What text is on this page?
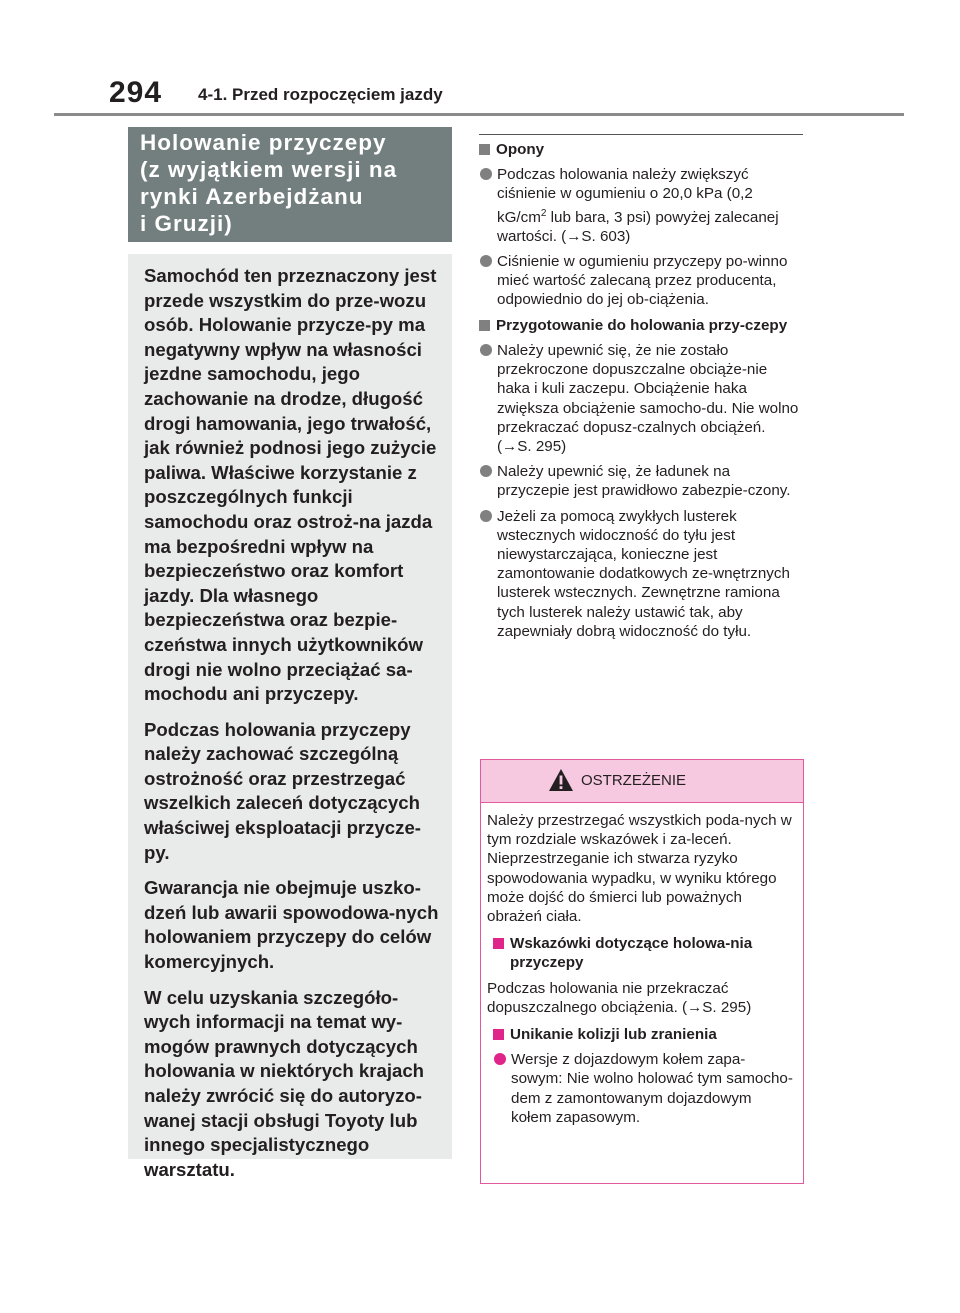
294 4-1. Przed rozpoczęciem jazdy
Holowanie przyczepy
(z wyjątkiem wersji na
rynki Azerbejdżanu
i Gruzji)

Samochód ten przeznaczony jest przede wszystkim do prze-wozu osób. Holowanie przycze-py ma negatywny wpływ na własności jezdne samochodu, jego zachowanie na drodze, długość drogi hamowania, jego trwałość, jak również podnosi jego zużycie paliwa. Właściwe korzystanie z poszczególnych funkcji samochodu oraz ostroż-na jazda ma bezpośredni wpływ na bezpieczeństwo oraz komfort jazdy. Dla własnego bezpieczeństwa oraz bezpie-czeństwa innych użytkowników drogi nie wolno przeciążać sa-mochodu ani przyczepy.

Podczas holowania przyczepy należy zachować szczególną ostrożność oraz przestrzegać wszelkich zaleceń dotyczących właściwej eksploatacji przycze-py.

Gwarancja nie obejmuje uszko-dzeń lub awarii spowodowa-nych holowaniem przyczepy do celów komercyjnych.

W celu uzyskania szczegóło-wych informacji na temat wy-mogów prawnych dotyczących holowania w niektórych krajach należy zwrócić się do autoryzo-wanej stacji obsługi Toyoty lub innego specjalistycznego warsztatu.

Opony
Podczas holowania należy zwiększyć ciśnienie w ogumieniu o 20,0 kPa (0,2 $kG/cm^2$ lub bara, 3 psi) powyżej zalecanej wartości. (→S. 603)
Ciśnienie w ogumieniu przyczepy po-winno mieć wartość zalecaną przez producenta, odpowiednio do jej ob-ciążenia.
Przygotowanie do holowania przy-czepy
Należy upewnić się, że nie zostało przekroczone dopuszczalne obciąże-nie haka i kuli zaczepu. Obciążenie haka zwiększa obciążenie samocho-du. Nie wolno przekraczać dopusz-czalnych obciążeń. (→S. 295)
Należy upewnić się, że ładunek na przyczepie jest prawidłowo zabezpie-czony.
Jeżeli za pomocą zwykłych lusterek wstecznych widoczność do tyłu jest niewystarczająca, konieczne jest zamontowanie dodatkowych ze-wnętrznych lusterek wstecznych. Zewnętrzne ramiona tych lusterek należy ustawić tak, aby zapewniały dobrą widoczność do tyłu.
OSTRZEŻENIE

Należy przestrzegać wszystkich poda-nych w tym rozdziale wskazówek i za-leceń.

Nieprzestrzeganie ich stwarza ryzyko spowodowania wypadku, w wyniku którego może dojść do śmierci lub poważnych obrażeń ciała.

Wskazówki dotyczące holowa-nia przyczepy

Podczas holowania nie przekraczać dopuszczalnego obciążenia. (→S. 295)

Unikanie kolizji lub zranienia
Wersje z dojazdowym kołem zapa-sowym: Nie wolno holować tym samocho-dem z zamontowanym dojazdowym kołem zapasowym.
